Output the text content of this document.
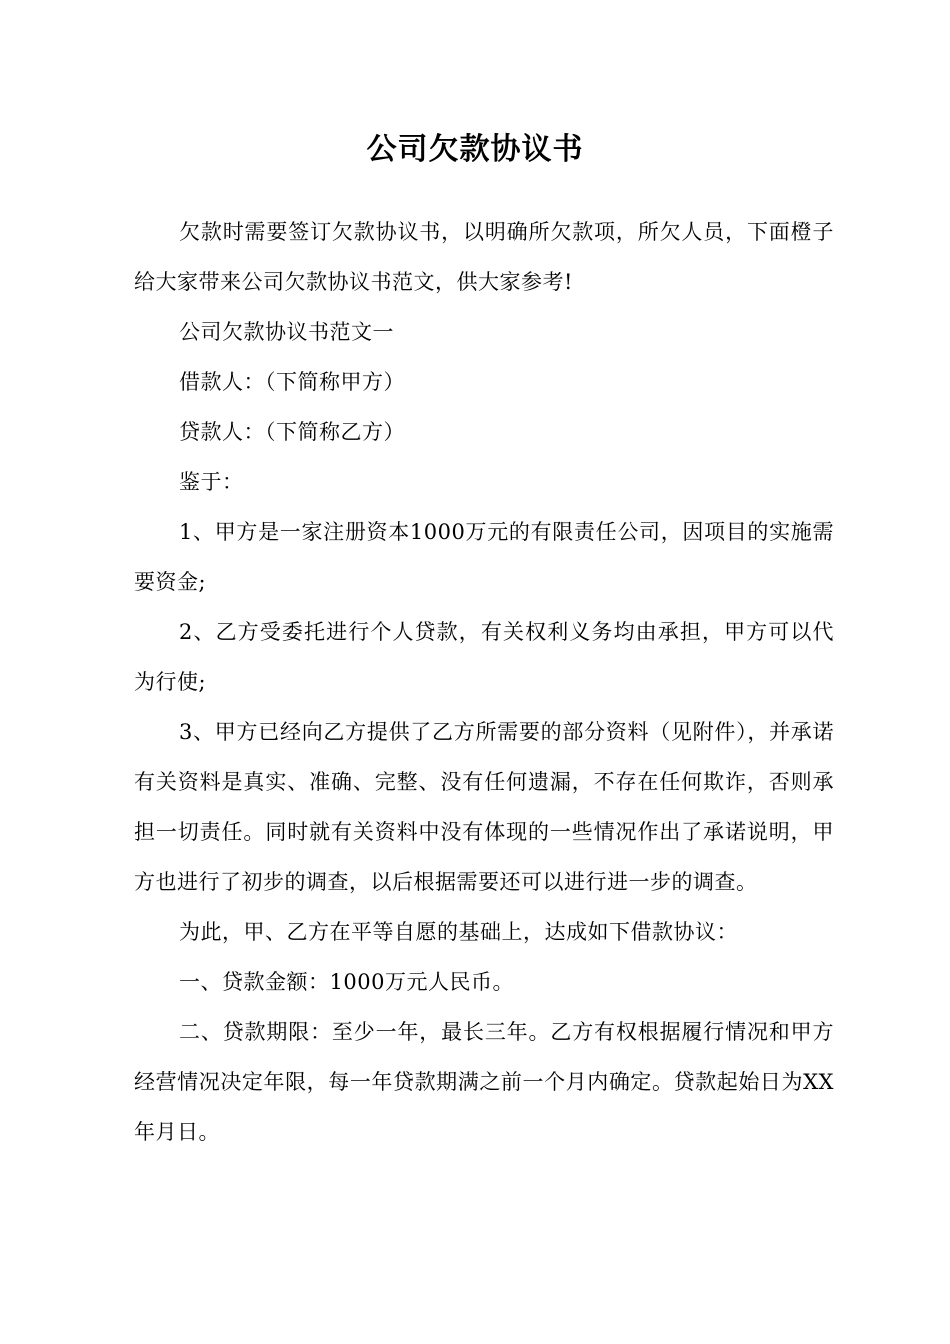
公司欠款协议书

欠款时需要签订欠款协议书，以明确所欠款项，所欠人员，下面橙子给大家带来公司欠款协议书范文，供大家参考!

公司欠款协议书范文一

借款人：（下简称甲方）

贷款人：（下简称乙方）

鉴于：

1、甲方是一家注册资本1000万元的有限责任公司，因项目的实施需要资金;

2、乙方受委托进行个人贷款，有关权利义务均由承担，甲方可以代为行使;

3、甲方已经向乙方提供了乙方所需要的部分资料（见附件），并承诺有关资料是真实、准确、完整、没有任何遗漏，不存在任何欺诈，否则承担一切责任。同时就有关资料中没有体现的一些情况作出了承诺说明，甲方也进行了初步的调查，以后根据需要还可以进行进一步的调查。

为此，甲、乙方在平等自愿的基础上，达成如下借款协议：

一、贷款金额：1000万元人民币。

二、贷款期限：至少一年，最长三年。乙方有权根据履行情况和甲方经营情况决定年限，每一年贷款期满之前一个月内确定。贷款起始日为XX年月日。
